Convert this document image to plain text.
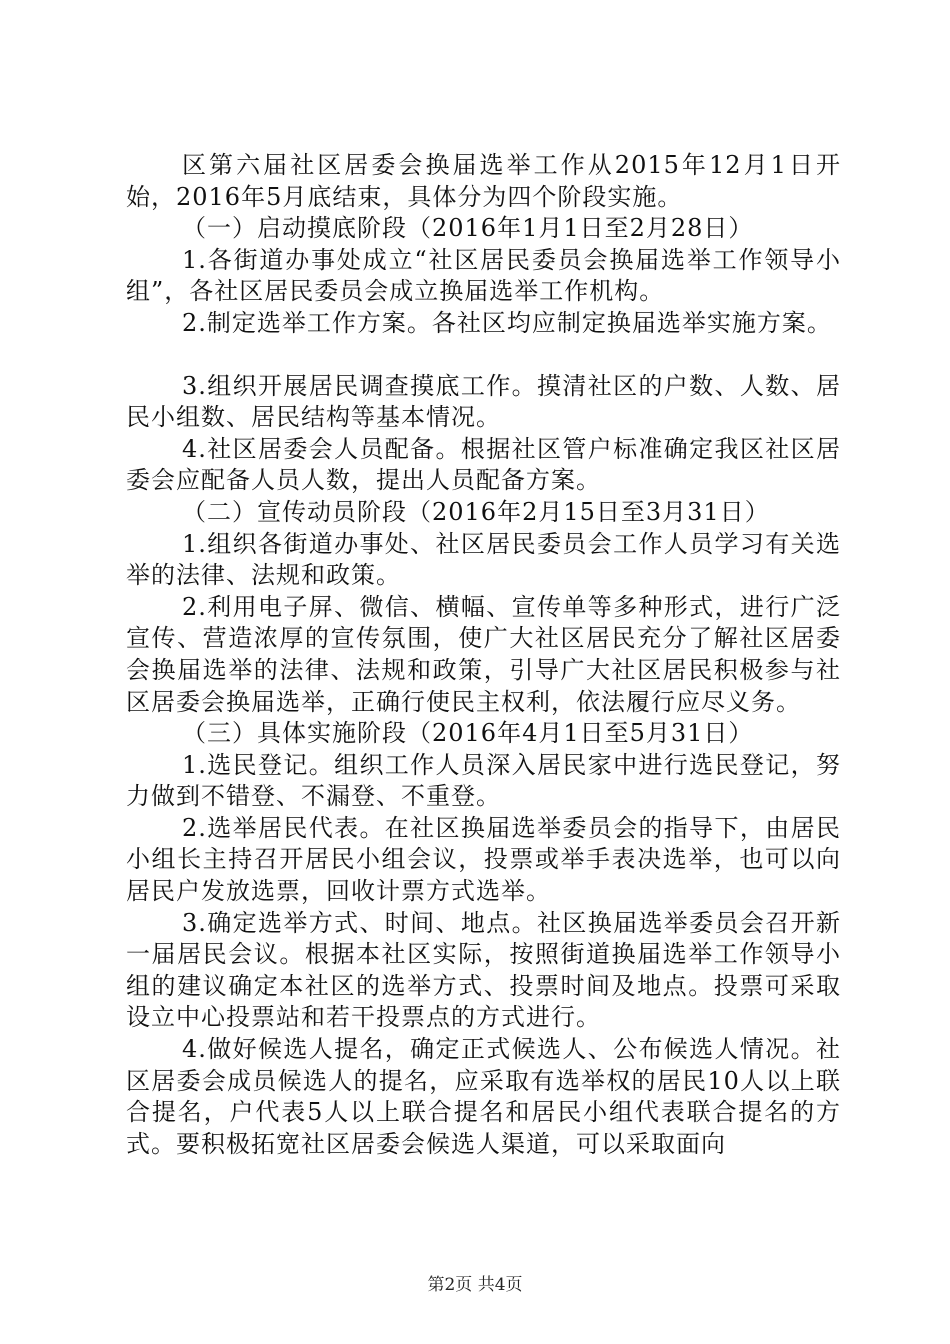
区第六届社区居委会换届选举工作从2015年12月1日开始，2016年5月底结束，具体分为四个阶段实施。

（一）启动摸底阶段（2016年1月1日至2月28日）

1.各街道办事处成立“社区居民委员会换届选举工作领导小组”，各社区居民委员会成立换届选举工作机构。

2.制定选举工作方案。各社区均应制定换届选举实施方案。

3.组织开展居民调查摸底工作。摸清社区的户数、人数、居民小组数、居民结构等基本情况。

4.社区居委会人员配备。根据社区管户标准确定我区社区居委会应配备人员人数，提出人员配备方案。

（二）宣传动员阶段（2016年2月15日至3月31日）

1.组织各街道办事处、社区居民委员会工作人员学习有关选举的法律、法规和政策。

2.利用电子屏、微信、横幅、宣传单等多种形式，进行广泛宣传、营造浓厚的宣传氛围，使广大社区居民充分了解社区居委会换届选举的法律、法规和政策，引导广大社区居民积极参与社区居委会换届选举，正确行使民主权利，依法履行应尽义务。

（三）具体实施阶段（2016年4月1日至5月31日）

1.选民登记。组织工作人员深入居民家中进行选民登记，努力做到不错登、不漏登、不重登。

2.选举居民代表。在社区换届选举委员会的指导下，由居民小组长主持召开居民小组会议，投票或举手表决选举，也可以向居民户发放选票，回收计票方式选举。

3.确定选举方式、时间、地点。社区换届选举委员会召开新一届居民会议。根据本社区实际，按照街道换届选举工作领导小组的建议确定本社区的选举方式、投票时间及地点。投票可采取设立中心投票站和若干投票点的方式进行。

4.做好候选人提名，确定正式候选人、公布候选人情况。社区居委会成员候选人的提名，应采取有选举权的居民10人以上联合提名，户代表5人以上联合提名和居民小组代表联合提名的方式。要积极拓宽社区居委会候选人渠道，可以采取面向

第2页 共4页
